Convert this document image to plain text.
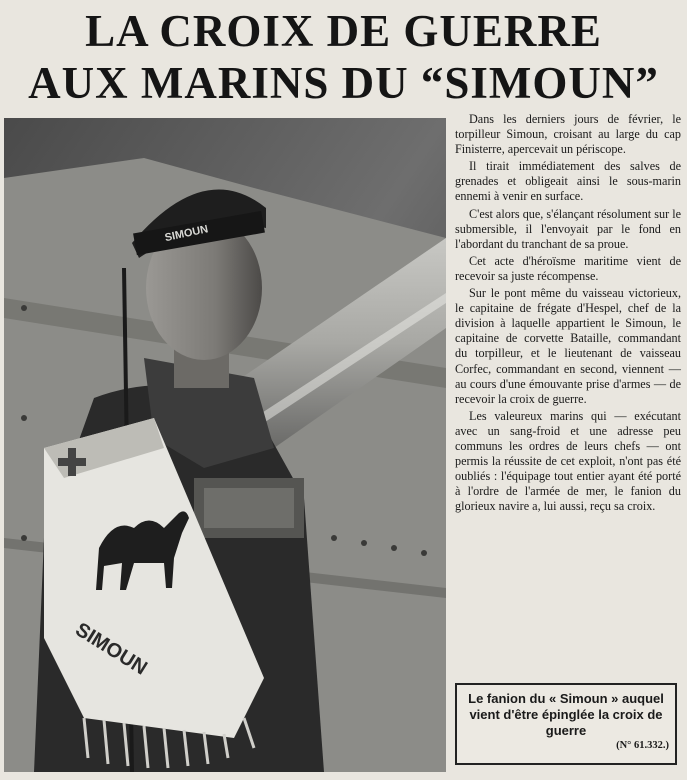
LA CROIX DE GUERRE
AUX MARINS DU “SIMOUN”
SIMOUN
SIMOUN

Dans les derniers jours de février, le torpilleur Simoun, croisant au large du cap Finisterre, apercevait un périscope.

Il tirait immédiatement des salves de grenades et obligeait ainsi le sous-marin ennemi à venir en surface.

C'est alors que, s'élançant résolument sur le submersible, il l'envoyait par le fond en l'abordant du tranchant de sa proue.

Cet acte d'héroïsme maritime vient de recevoir sa juste récompense.

Sur le pont même du vaisseau victorieux, le capitaine de frégate d'Hespel, chef de la division à laquelle appartient le Simoun, le capitaine de corvette Bataille, commandant du torpilleur, et le lieutenant de vaisseau Corfec, commandant en second, viennent — au cours d'une émouvante prise d'armes — de recevoir la croix de guerre.

Les valeureux marins qui — exécutant avec un sang-froid et une adresse peu communs les ordres de leurs chefs — ont permis la réussite de cet exploit, n'ont pas été oubliés : l'équipage tout entier ayant été porté à l'ordre de l'armée de mer, le fanion du glorieux navire a, lui aussi, reçu sa croix.

Le fanion du « Simoun » auquel vient d'être épinglée la croix de guerre
(N° 61.332.)
